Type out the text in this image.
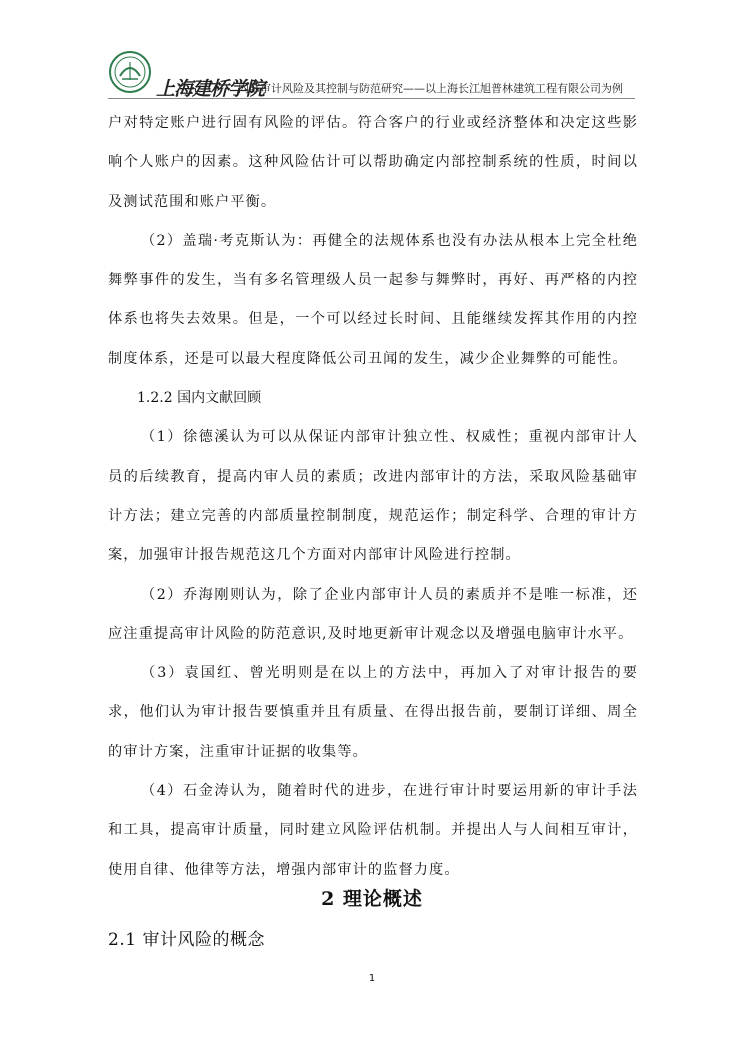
上海建桥学院
内部审计风险及其控制与防范研究——以上海长江旭普林建筑工程有限公司为例

户对特定账户进行固有风险的评估。符合客户的行业或经济整体和决定这些影响个人账户的因素。这种风险估计可以帮助确定内部控制系统的性质，时间以及测试范围和账户平衡。

（2）盖瑞·考克斯认为：再健全的法规体系也没有办法从根本上完全杜绝舞弊事件的发生，当有多名管理级人员一起参与舞弊时，再好、再严格的内控体系也将失去效果。但是，一个可以经过长时间、且能继续发挥其作用的内控制度体系，还是可以最大程度降低公司丑闻的发生，减少企业舞弊的可能性。

1.2.2 国内文献回顾

（1）徐德溪认为可以从保证内部审计独立性、权威性；重视内部审计人员的后续教育，提高内审人员的素质；改进内部审计的方法，采取风险基础审计方法；建立完善的内部质量控制制度，规范运作；制定科学、合理的审计方案，加强审计报告规范这几个方面对内部审计风险进行控制。

（2）乔海刚则认为，除了企业内部审计人员的素质并不是唯一标准，还应注重提高审计风险的防范意识,及时地更新审计观念以及增强电脑审计水平。

（3）袁国红、曾光明则是在以上的方法中，再加入了对审计报告的要求，他们认为审计报告要慎重并且有质量、在得出报告前，要制订详细、周全的审计方案，注重审计证据的收集等。

（4）石金涛认为，随着时代的进步，在进行审计时要运用新的审计手法和工具，提高审计质量，同时建立风险评估机制。并提出人与人间相互审计，使用自律、他律等方法，增强内部审计的监督力度。

2 理论概述
2.1 审计风险的概念
1
